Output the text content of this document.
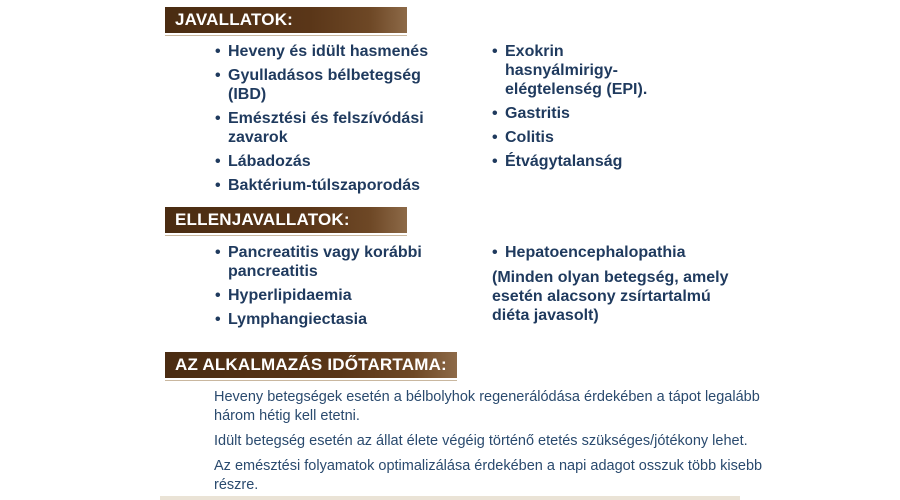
JAVALLATOK:
• Heveny és idült hasmenés
• Gyulladásos bélbetegség (IBD)
• Emésztési és felszívódási zavarok
• Lábadozás
• Baktérium-túlszaporodás
• Exokrin hasnyálmirigy-elégtelenség (EPI).
• Gastritis
• Colitis
• Étvágytalanság
ELLENJAVALLATOK:
• Pancreatitis vagy korábbi pancreatitis
• Hyperlipidaemia
• Lymphangiectasia
• Hepatoencephalopathia

(Minden olyan betegség, amely esetén alacsony zsírtartalmú diéta javasolt)

AZ ALKALMAZÁS IDŐTARTAMA:

Heveny betegségek esetén a bélbolyhok regenerálódása érdekében a tápot legalább három hétig kell etetni.

Idült betegség esetén az állat élete végéig történő etetés szükséges/jótékony lehet.

Az emésztési folyamatok optimalizálása érdekében a napi adagot osszuk több kisebb részre.
